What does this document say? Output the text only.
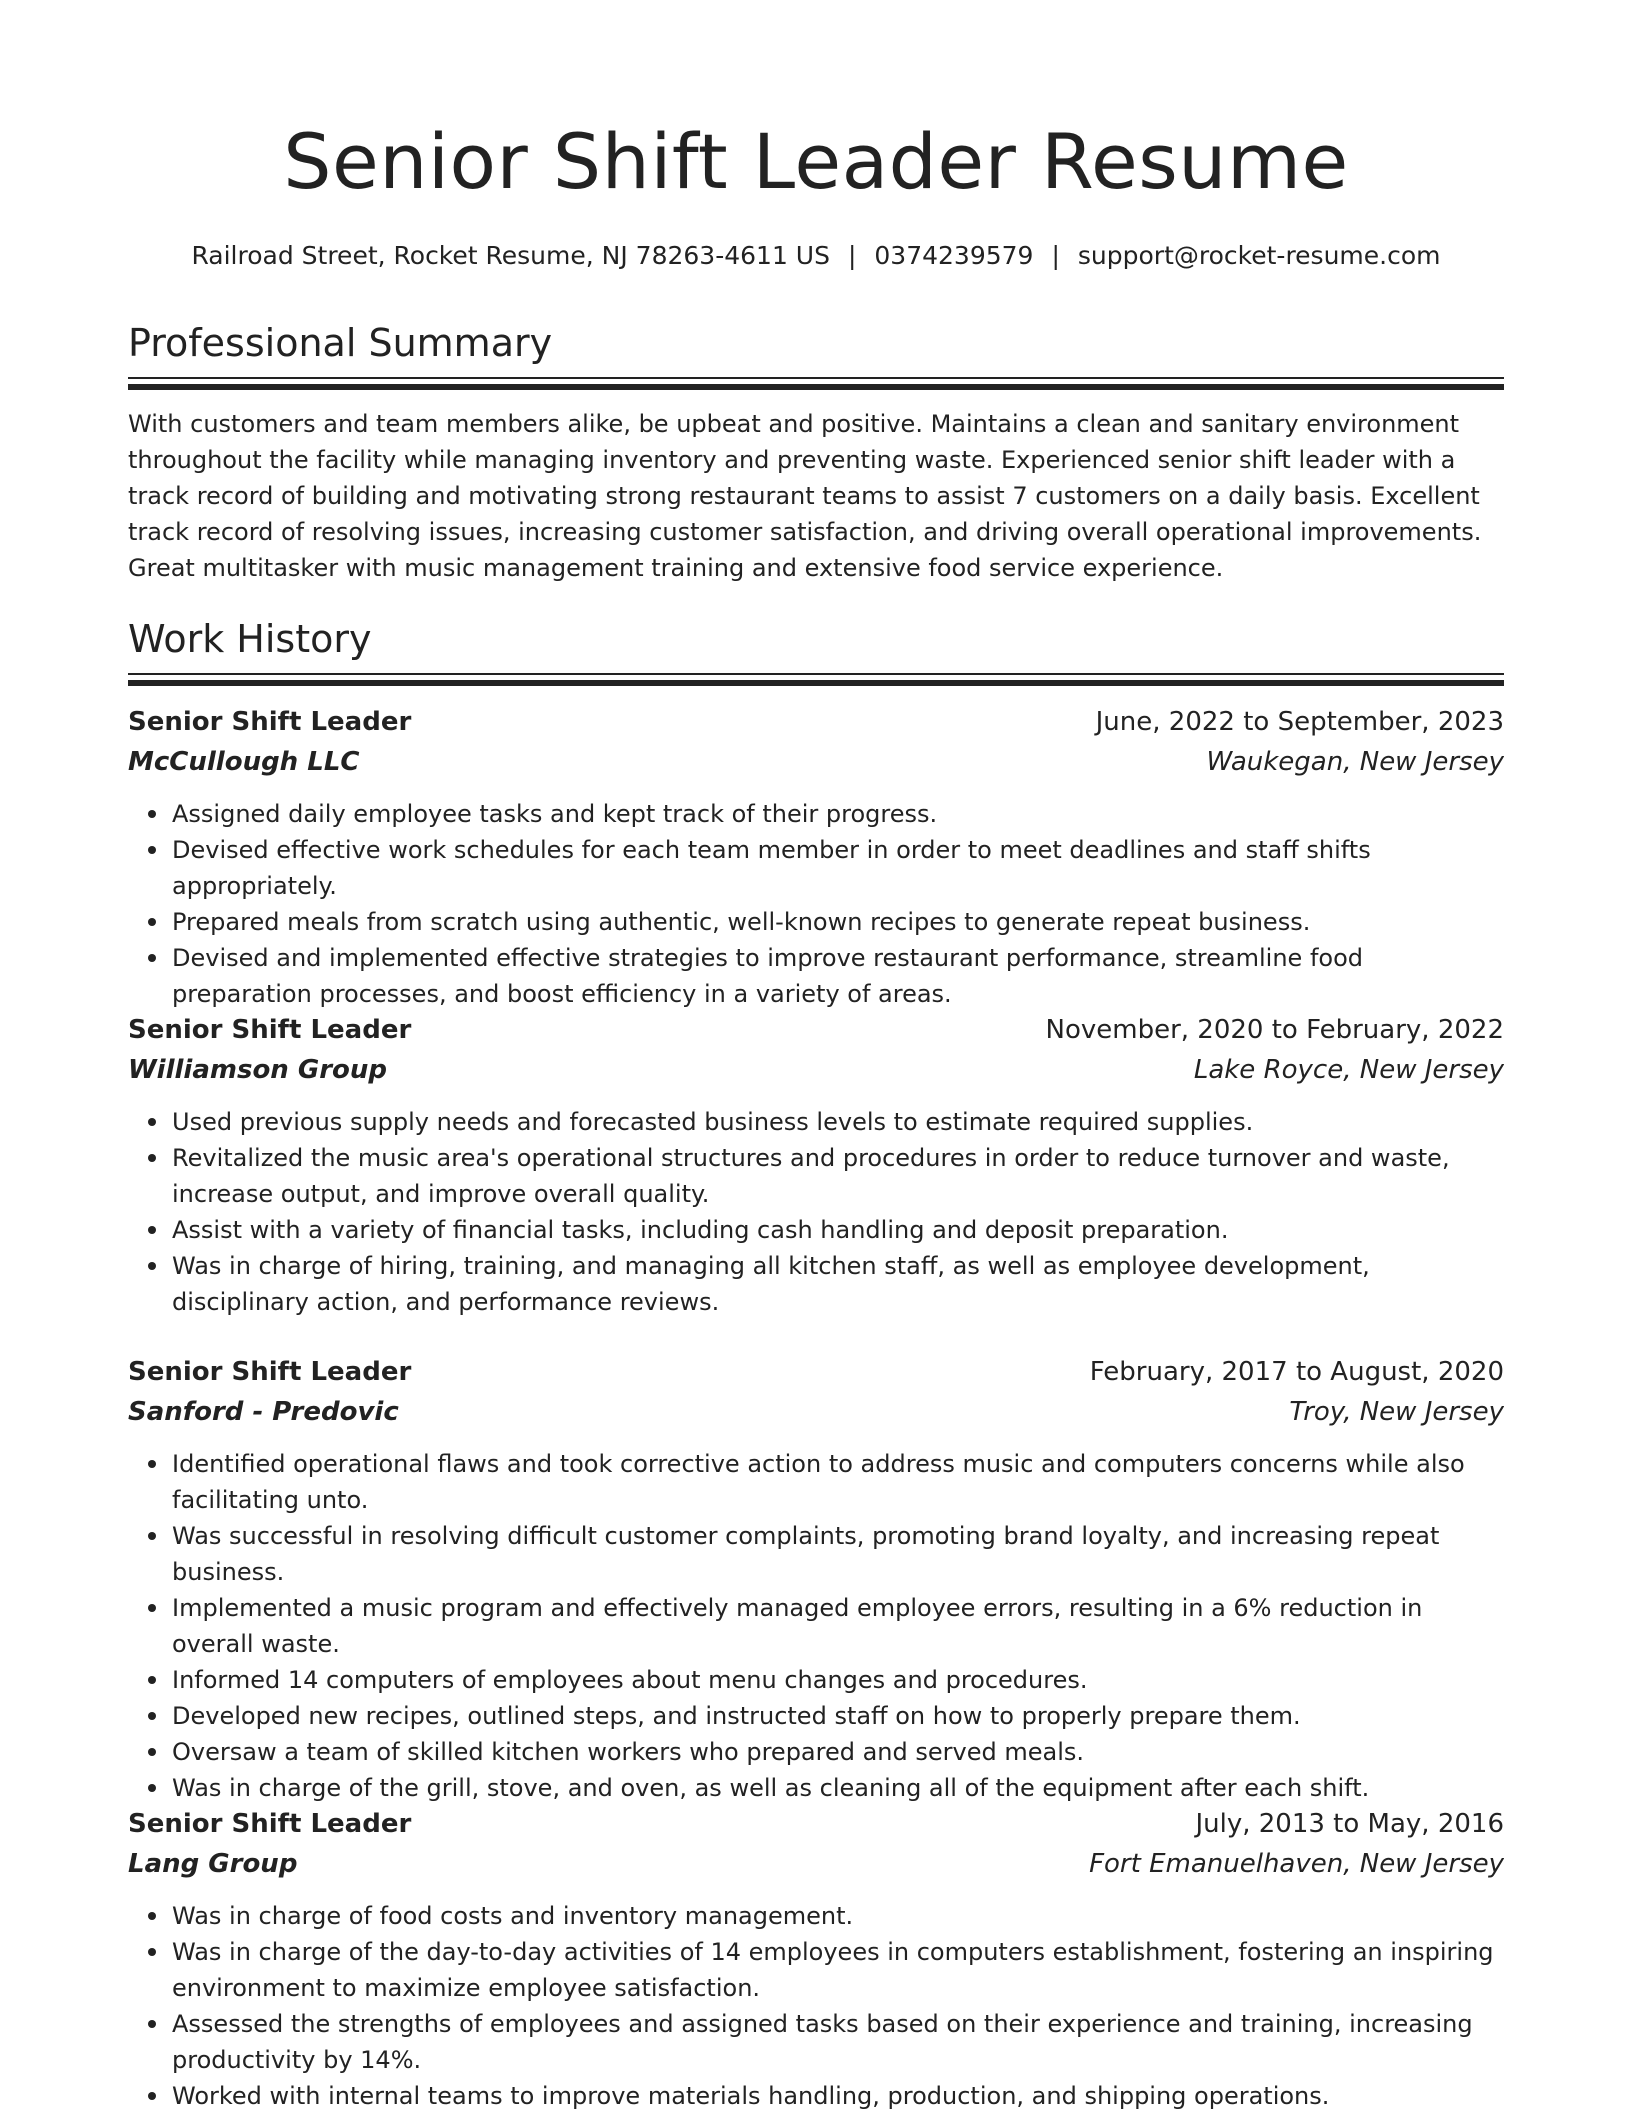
Senior Shift Leader Resume
Railroad Street, Rocket Resume, NJ 78263-4611 US | 0374239579 | support@rocket-resume.com
Professional Summary

With customers and team members alike, be upbeat and positive. Maintains a clean and sanitary environment throughout the facility while managing inventory and preventing waste. Experienced senior shift leader with a track record of building and motivating strong restaurant teams to assist 7 customers on a daily basis. Excellent track record of resolving issues, increasing customer satisfaction, and driving overall operational improvements. Great multitasker with music management training and extensive food service experience.

Work History
Senior Shift Leader	June, 2022 to September, 2023
McCullough LLC	Waukegan, New Jersey
Assigned daily employee tasks and kept track of their progress.
Devised effective work schedules for each team member in order to meet deadlines and staff shifts appropriately.
Prepared meals from scratch using authentic, well-known recipes to generate repeat business.
Devised and implemented effective strategies to improve restaurant performance, streamline food preparation processes, and boost efficiency in a variety of areas.
Senior Shift Leader	November, 2020 to February, 2022
Williamson Group	Lake Royce, New Jersey
Used previous supply needs and forecasted business levels to estimate required supplies.
Revitalized the music area's operational structures and procedures in order to reduce turnover and waste, increase output, and improve overall quality.
Assist with a variety of financial tasks, including cash handling and deposit preparation.
Was in charge of hiring, training, and managing all kitchen staff, as well as employee development, disciplinary action, and performance reviews.
Senior Shift Leader	February, 2017 to August, 2020
Sanford - Predovic	Troy, New Jersey
Identified operational flaws and took corrective action to address music and computers concerns while also facilitating unto.
Was successful in resolving difficult customer complaints, promoting brand loyalty, and increasing repeat business.
Implemented a music program and effectively managed employee errors, resulting in a 6% reduction in overall waste.
Informed 14 computers of employees about menu changes and procedures.
Developed new recipes, outlined steps, and instructed staff on how to properly prepare them.
Oversaw a team of skilled kitchen workers who prepared and served meals.
Was in charge of the grill, stove, and oven, as well as cleaning all of the equipment after each shift.
Senior Shift Leader	July, 2013 to May, 2016
Lang Group	Fort Emanuelhaven, New Jersey
Was in charge of food costs and inventory management.
Was in charge of the day-to-day activities of 14 employees in computers establishment, fostering an inspiring environment to maximize employee satisfaction.
Assessed the strengths of employees and assigned tasks based on their experience and training, increasing productivity by 14%.
Worked with internal teams to improve materials handling, production, and shipping operations.
